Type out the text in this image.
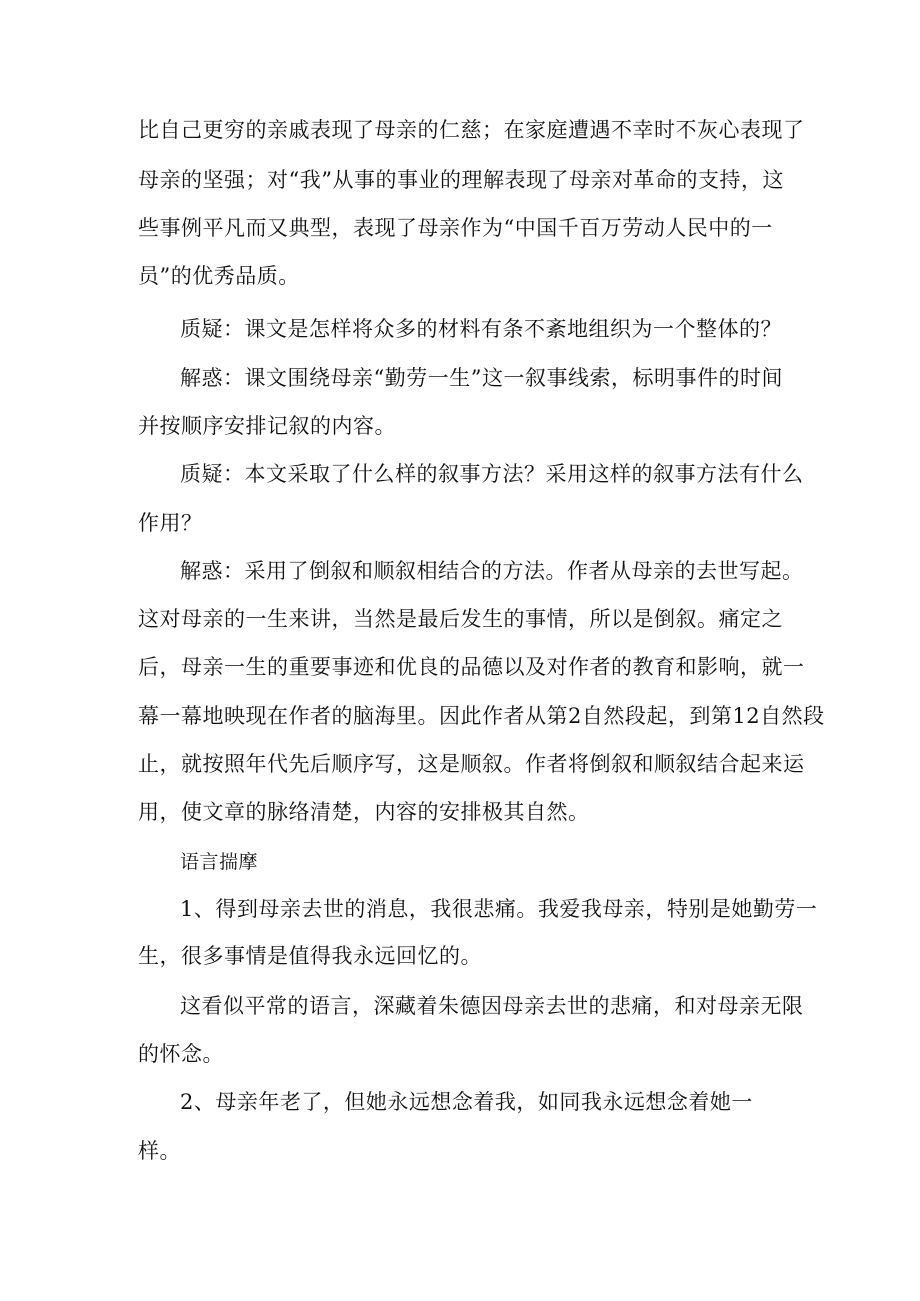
比自己更穷的亲戚表现了母亲的仁慈；在家庭遭遇不幸时不灰心表现了
母亲的坚强；对“我”从事的事业的理解表现了母亲对革命的支持，这
些事例平凡而又典型，表现了母亲作为“中国千百万劳动人民中的一
员”的优秀品质。
质疑：课文是怎样将众多的材料有条不紊地组织为一个整体的？
解惑：课文围绕母亲“勤劳一生”这一叙事线索，标明事件的时间
并按顺序安排记叙的内容。
质疑：本文采取了什么样的叙事方法？采用这样的叙事方法有什么
作用？
解惑：采用了倒叙和顺叙相结合的方法。作者从母亲的去世写起。
这对母亲的一生来讲，当然是最后发生的事情，所以是倒叙。痛定之
后，母亲一生的重要事迹和优良的品德以及对作者的教育和影响，就一
幕一幕地映现在作者的脑海里。因此作者从第2自然段起，到第12自然段
止，就按照年代先后顺序写，这是顺叙。作者将倒叙和顺叙结合起来运
用，使文章的脉络清楚，内容的安排极其自然。
语言揣摩
1、得到母亲去世的消息，我很悲痛。我爱我母亲，特别是她勤劳一
生，很多事情是值得我永远回忆的。
这看似平常的语言，深藏着朱德因母亲去世的悲痛，和对母亲无限
的怀念。
2、母亲年老了，但她永远想念着我，如同我永远想念着她一
样。
